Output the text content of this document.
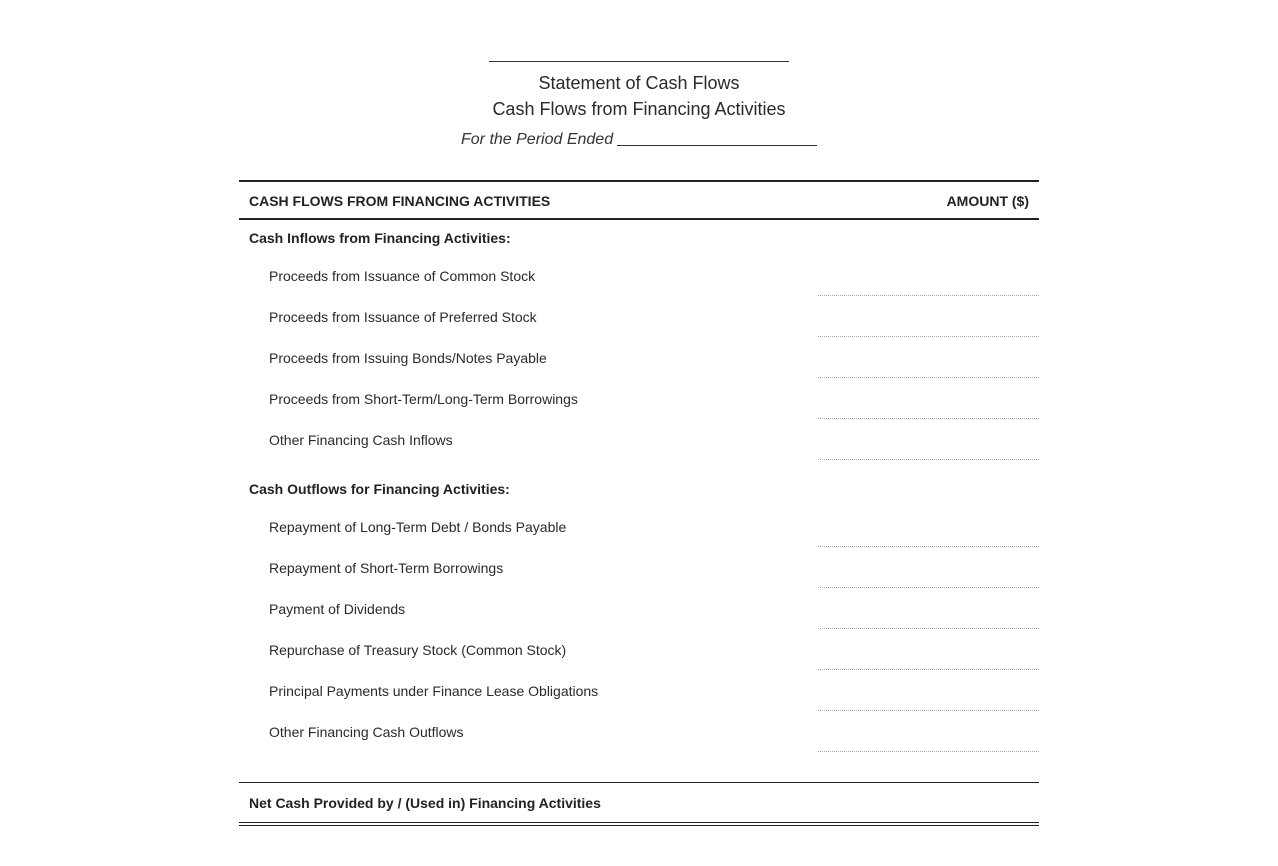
Statement of Cash Flows
Cash Flows from Financing Activities
For the Period Ended
CASH FLOWS FROM FINANCING ACTIVITIES	AMOUNT ($)
Cash Inflows from Financing Activities:
Proceeds from Issuance of Common Stock
Proceeds from Issuance of Preferred Stock
Proceeds from Issuing Bonds/Notes Payable
Proceeds from Short-Term/Long-Term Borrowings
Other Financing Cash Inflows
Cash Outflows for Financing Activities:
Repayment of Long-Term Debt / Bonds Payable
Repayment of Short-Term Borrowings
Payment of Dividends
Repurchase of Treasury Stock (Common Stock)
Principal Payments under Finance Lease Obligations
Other Financing Cash Outflows
Net Cash Provided by / (Used in) Financing Activities
